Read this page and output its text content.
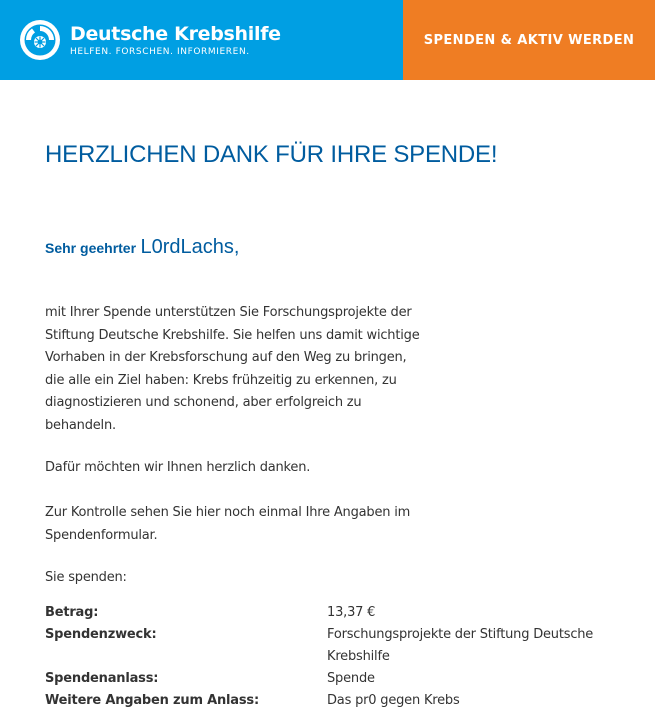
Deutsche Krebshilfe
HELFEN. FORSCHEN. INFORMIEREN.
SPENDEN & AKTIV WERDEN
HERZLICHEN DANK FÜR IHRE SPENDE!
Sehr geehrter L0rdLachs,
mit Ihrer Spende unterstützen Sie Forschungsprojekte der Stiftung Deutsche Krebshilfe. Sie helfen uns damit wichtige Vorhaben in der Krebsforschung auf den Weg zu bringen, die alle ein Ziel haben: Krebs frühzeitig zu erkennen, zu diagnostizieren und schonend, aber erfolgreich zu behandeln.
Dafür möchten wir Ihnen herzlich danken.
Zur Kontrolle sehen Sie hier noch einmal Ihre Angaben im Spendenformular.
Sie spenden:
Betrag:	13,37 €
Spendenzweck:	Forschungsprojekte der Stiftung Deutsche Krebshilfe
Spendenanlass:	Spende
Weitere Angaben zum Anlass:	Das pr0 gegen Krebs
